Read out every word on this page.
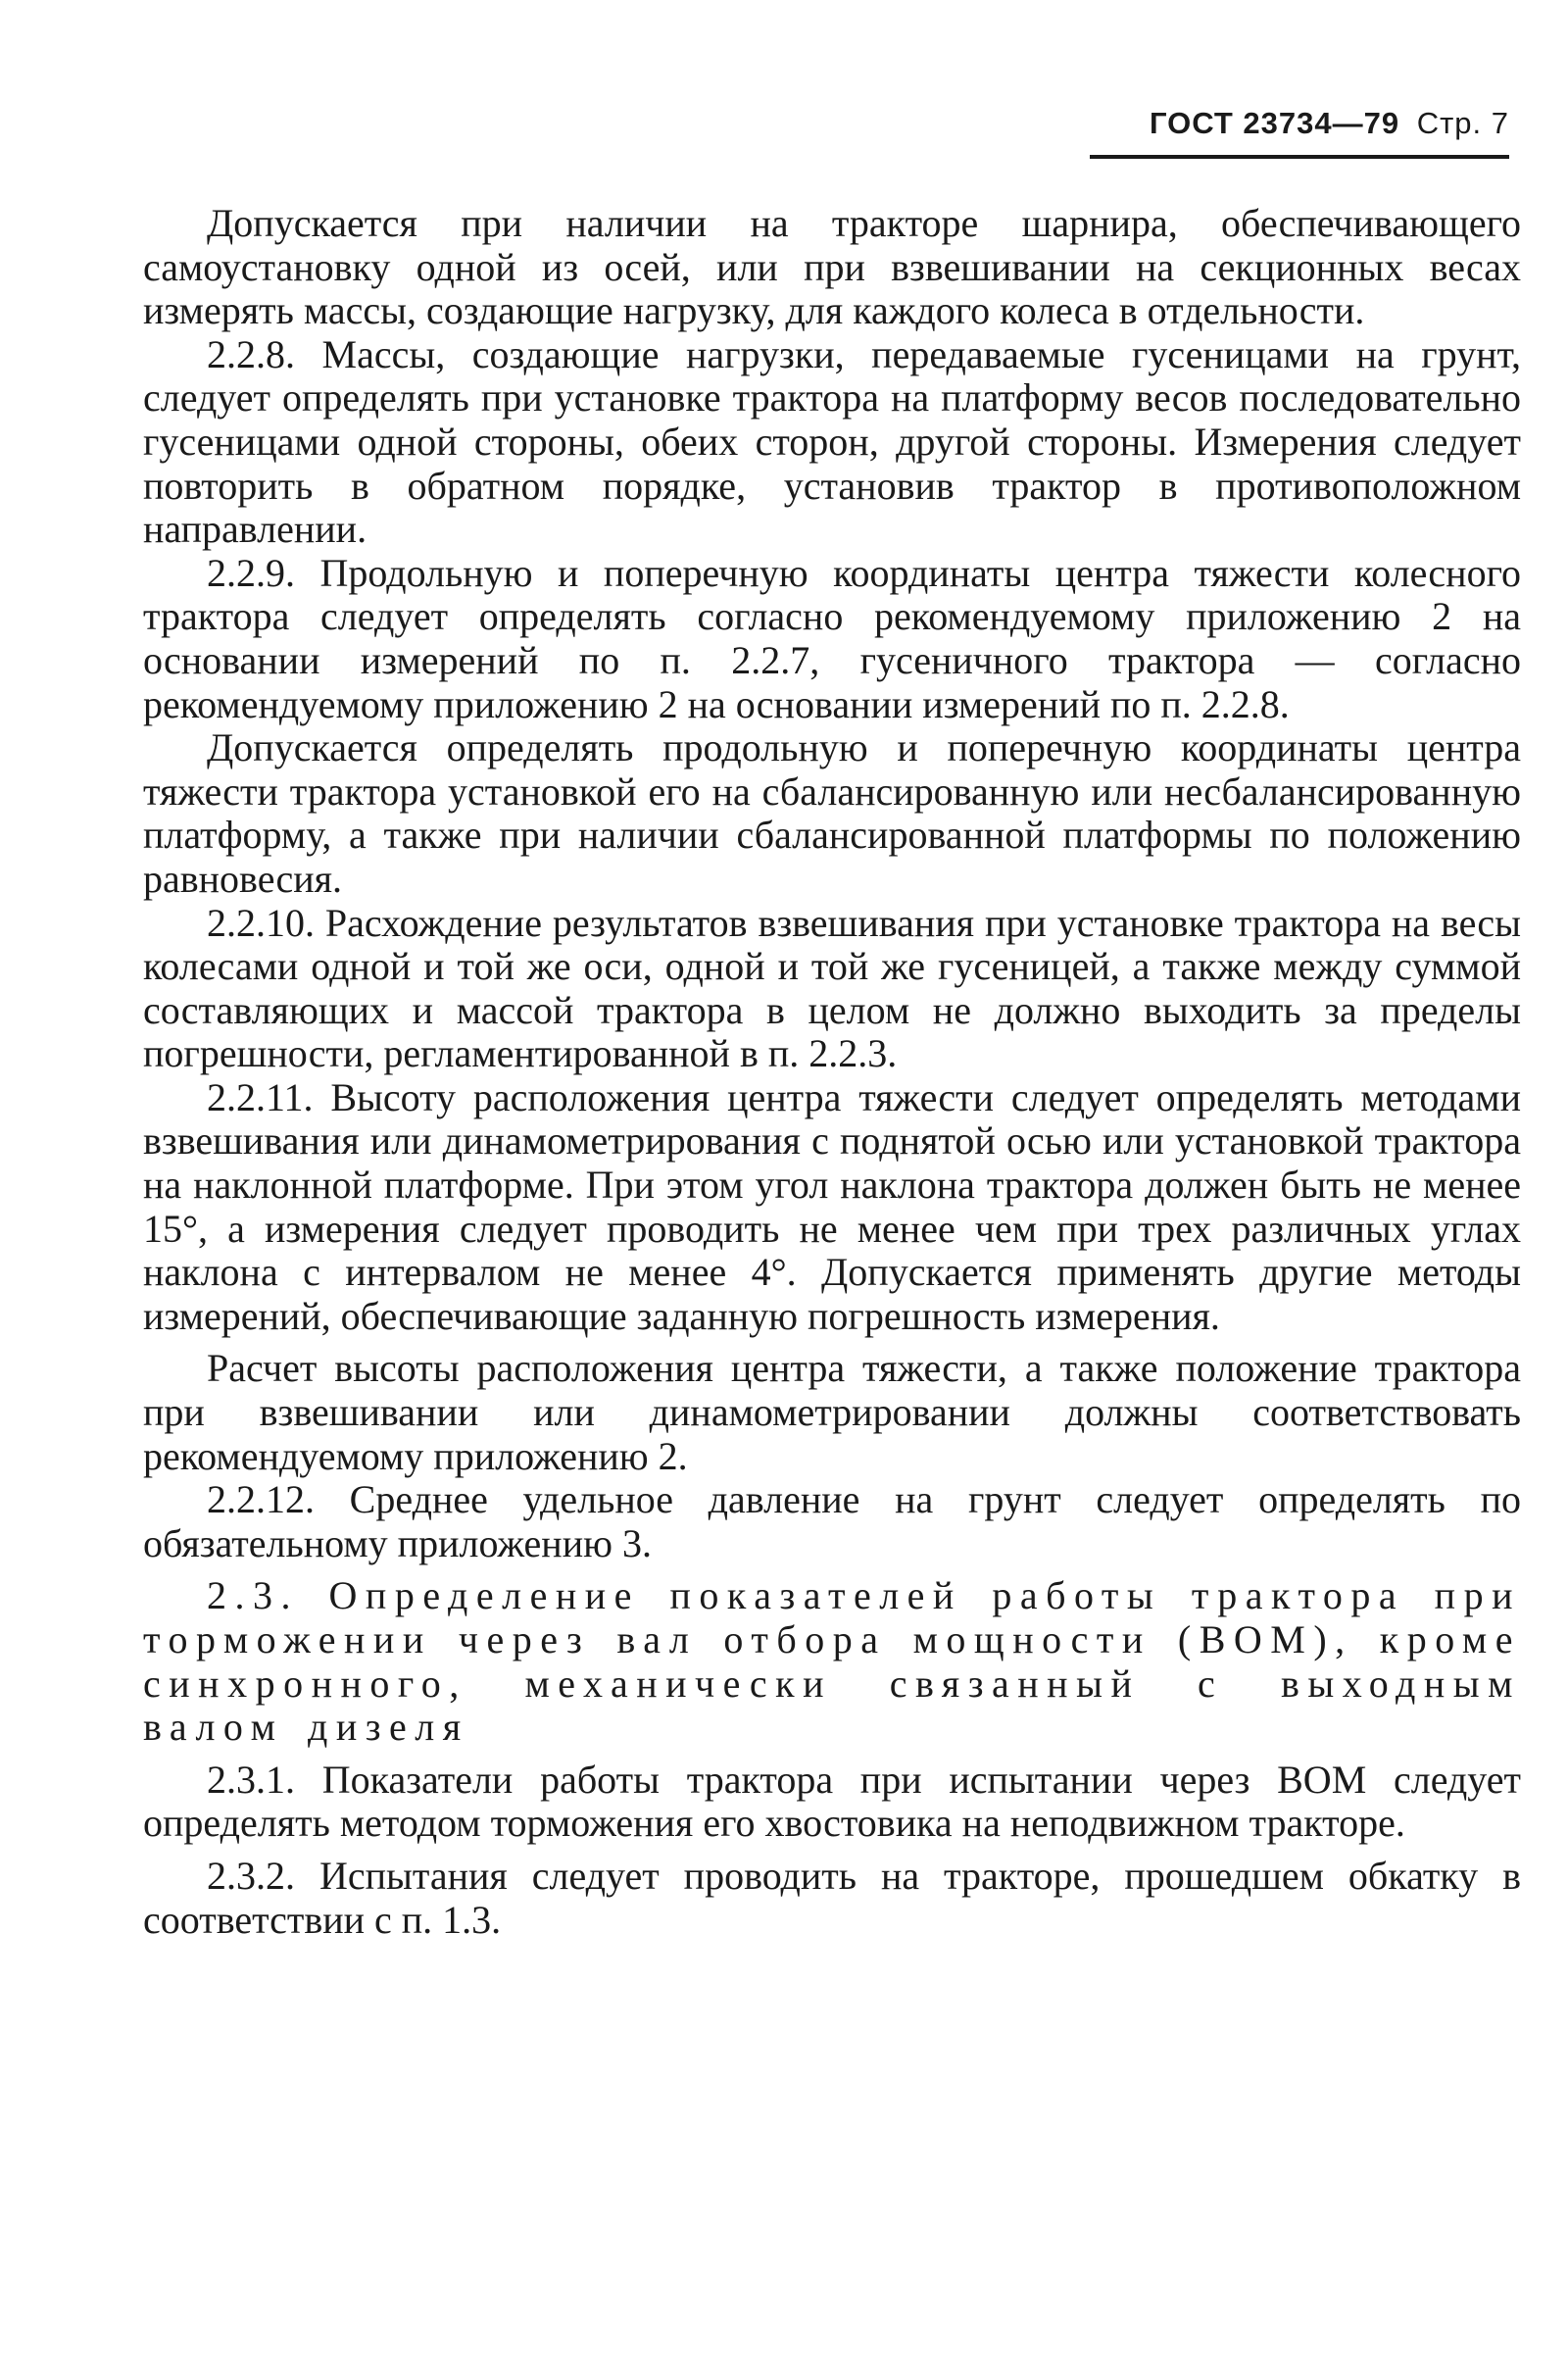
ГОСТ 23734—79 Стр. 7

Допускается при наличии на тракторе шарнира, обеспечивающего самоустановку одной из осей, или при взвешивании на секционных весах измерять массы, создающие нагрузку, для каждого колеса в отдельности.

2.2.8. Массы, создающие нагрузки, передаваемые гусеницами на грунт, следует определять при установке трактора на платформу весов последовательно гусеницами одной стороны, обеих сторон, другой стороны. Измерения следует повторить в обратном порядке, установив трактор в противоположном направлении.

2.2.9. Продольную и поперечную координаты центра тяжести колесного трактора следует определять согласно рекомендуемому приложению 2 на основании измерений по п. 2.2.7, гусеничного трактора — согласно рекомендуемому приложению 2 на основании измерений по п. 2.2.8.

Допускается определять продольную и поперечную координаты центра тяжести трактора установкой его на сбалансированную или несбалансированную платформу, а также при наличии сбалансированной платформы по положению равновесия.

2.2.10. Расхождение результатов взвешивания при установке трактора на весы колесами одной и той же оси, одной и той же гусеницей, а также между суммой составляющих и массой трактора в целом не должно выходить за пределы погрешности, регламентированной в п. 2.2.3.

2.2.11. Высоту расположения центра тяжести следует определять методами взвешивания или динамометрирования с поднятой осью или установкой трактора на наклонной платформе. При этом угол наклона трактора должен быть не менее 15°, а измерения следует проводить не менее чем при трех различных углах наклона с интервалом не менее 4°. Допускается применять другие методы измерений, обеспечивающие заданную погрешность измерения.

Расчет высоты расположения центра тяжести, а также положение трактора при взвешивании или динамометрировании должны соответствовать рекомендуемому приложению 2.

2.2.12. Среднее удельное давление на грунт следует определять по обязательному приложению 3.

2.3. Определение показателей работы трактора при торможении через вал отбора мощности (ВОМ), кроме синхронного, механически связанный с выходным валом дизеля

2.3.1. Показатели работы трактора при испытании через ВОМ следует определять методом торможения его хвостовика на неподвижном тракторе.

2.3.2. Испытания следует проводить на тракторе, прошедшем обкатку в соответствии с п. 1.3.
